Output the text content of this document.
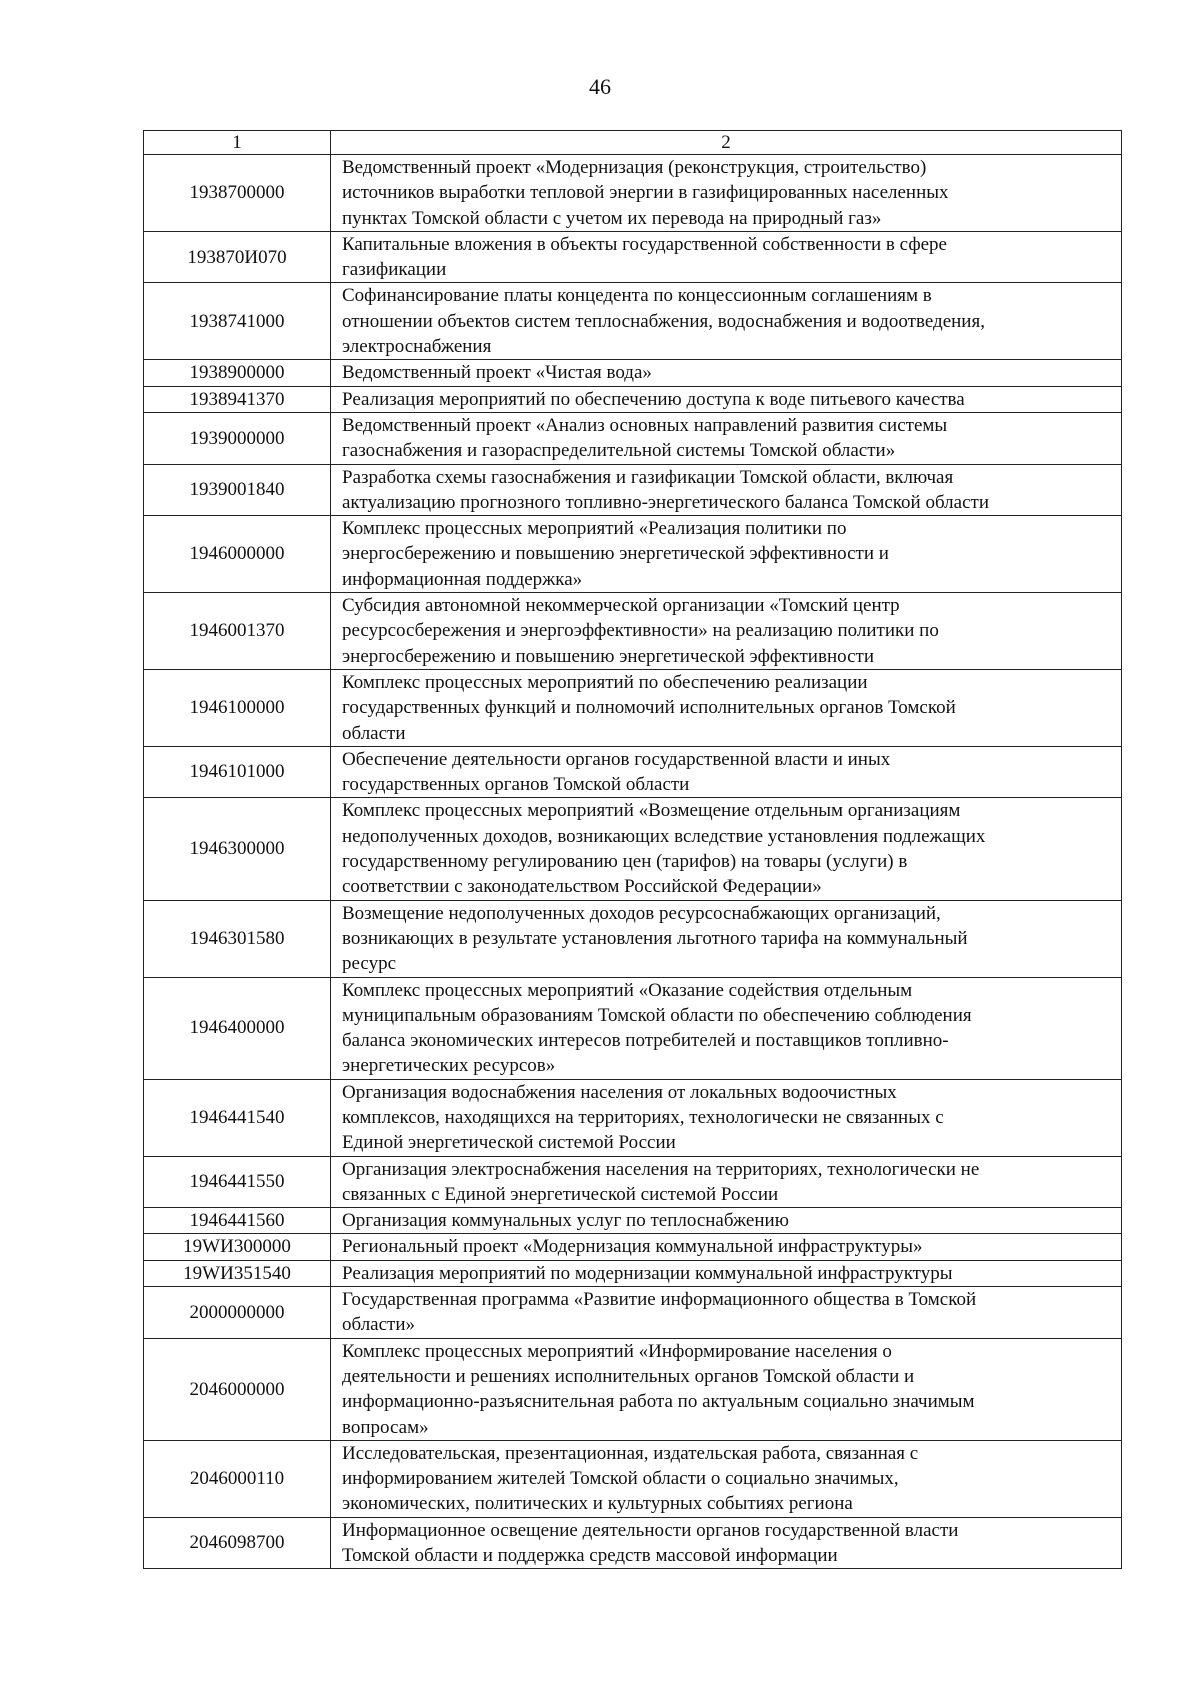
46
1	2
1938700000	Ведомственный проект «Модернизация (реконструкция, строительство)
источников выработки тепловой энергии в газифицированных населенных
пунктах Томской области с учетом их перевода на природный газ»

193870И070	Капитальные вложения в объекты государственной собственности в сфере
газификации

1938741000	Софинансирование платы концедента по концессионным соглашениям в
отношении объектов систем теплоснабжения, водоснабжения и водоотведения,
электроснабжения

1938900000	Ведомственный проект «Чистая вода»

1938941370	Реализация мероприятий по обеспечению доступа к воде питьевого качества

1939000000	Ведомственный проект «Анализ основных направлений развития системы
газоснабжения и газораспределительной системы Томской области»

1939001840	Разработка схемы газоснабжения и газификации Томской области, включая
актуализацию прогнозного топливно-энергетического баланса Томской области

1946000000	Комплекс процессных мероприятий «Реализация политики по
энергосбережению и повышению энергетической эффективности и
информационная поддержка»

1946001370	Субсидия автономной некоммерческой организации «Томский центр
ресурсосбережения и энергоэффективности» на реализацию политики по
энергосбережению и повышению энергетической эффективности

1946100000	Комплекс процессных мероприятий по обеспечению реализации
государственных функций и полномочий исполнительных органов Томской
области

1946101000	Обеспечение деятельности органов государственной власти и иных
государственных органов Томской области

1946300000	Комплекс процессных мероприятий «Возмещение отдельным организациям
недополученных доходов, возникающих вследствие установления подлежащих
государственному регулированию цен (тарифов) на товары (услуги) в
соответствии с законодательством Российской Федерации»

1946301580	Возмещение недополученных доходов ресурсоснабжающих организаций,
возникающих в результате установления льготного тарифа на коммунальный
ресурс

1946400000	Комплекс процессных мероприятий «Оказание содействия отдельным
муниципальным образованиям Томской области по обеспечению соблюдения
баланса экономических интересов потребителей и поставщиков топливно-
энергетических ресурсов»

1946441540	Организация водоснабжения населения от локальных водоочистных
комплексов, находящихся на территориях, технологически не связанных с
Единой энергетической системой России

1946441550	Организация электроснабжения населения на территориях, технологически не
связанных с Единой энергетической системой России

1946441560	Организация коммунальных услуг по теплоснабжению

19WИ300000	Региональный проект «Модернизация коммунальной инфраструктуры»

19WИ351540	Реализация мероприятий по модернизации коммунальной инфраструктуры

2000000000	Государственная программа «Развитие информационного общества в Томской
области»

2046000000	Комплекс процессных мероприятий «Информирование населения о
деятельности и решениях исполнительных органов Томской области и
информационно-разъяснительная работа по актуальным социально значимым
вопросам»

2046000110	Исследовательская, презентационная, издательская работа, связанная с
информированием жителей Томской области о социально значимых,
экономических, политических и культурных событиях региона

2046098700	Информационное освещение деятельности органов государственной власти
Томской области и поддержка средств массовой информации
